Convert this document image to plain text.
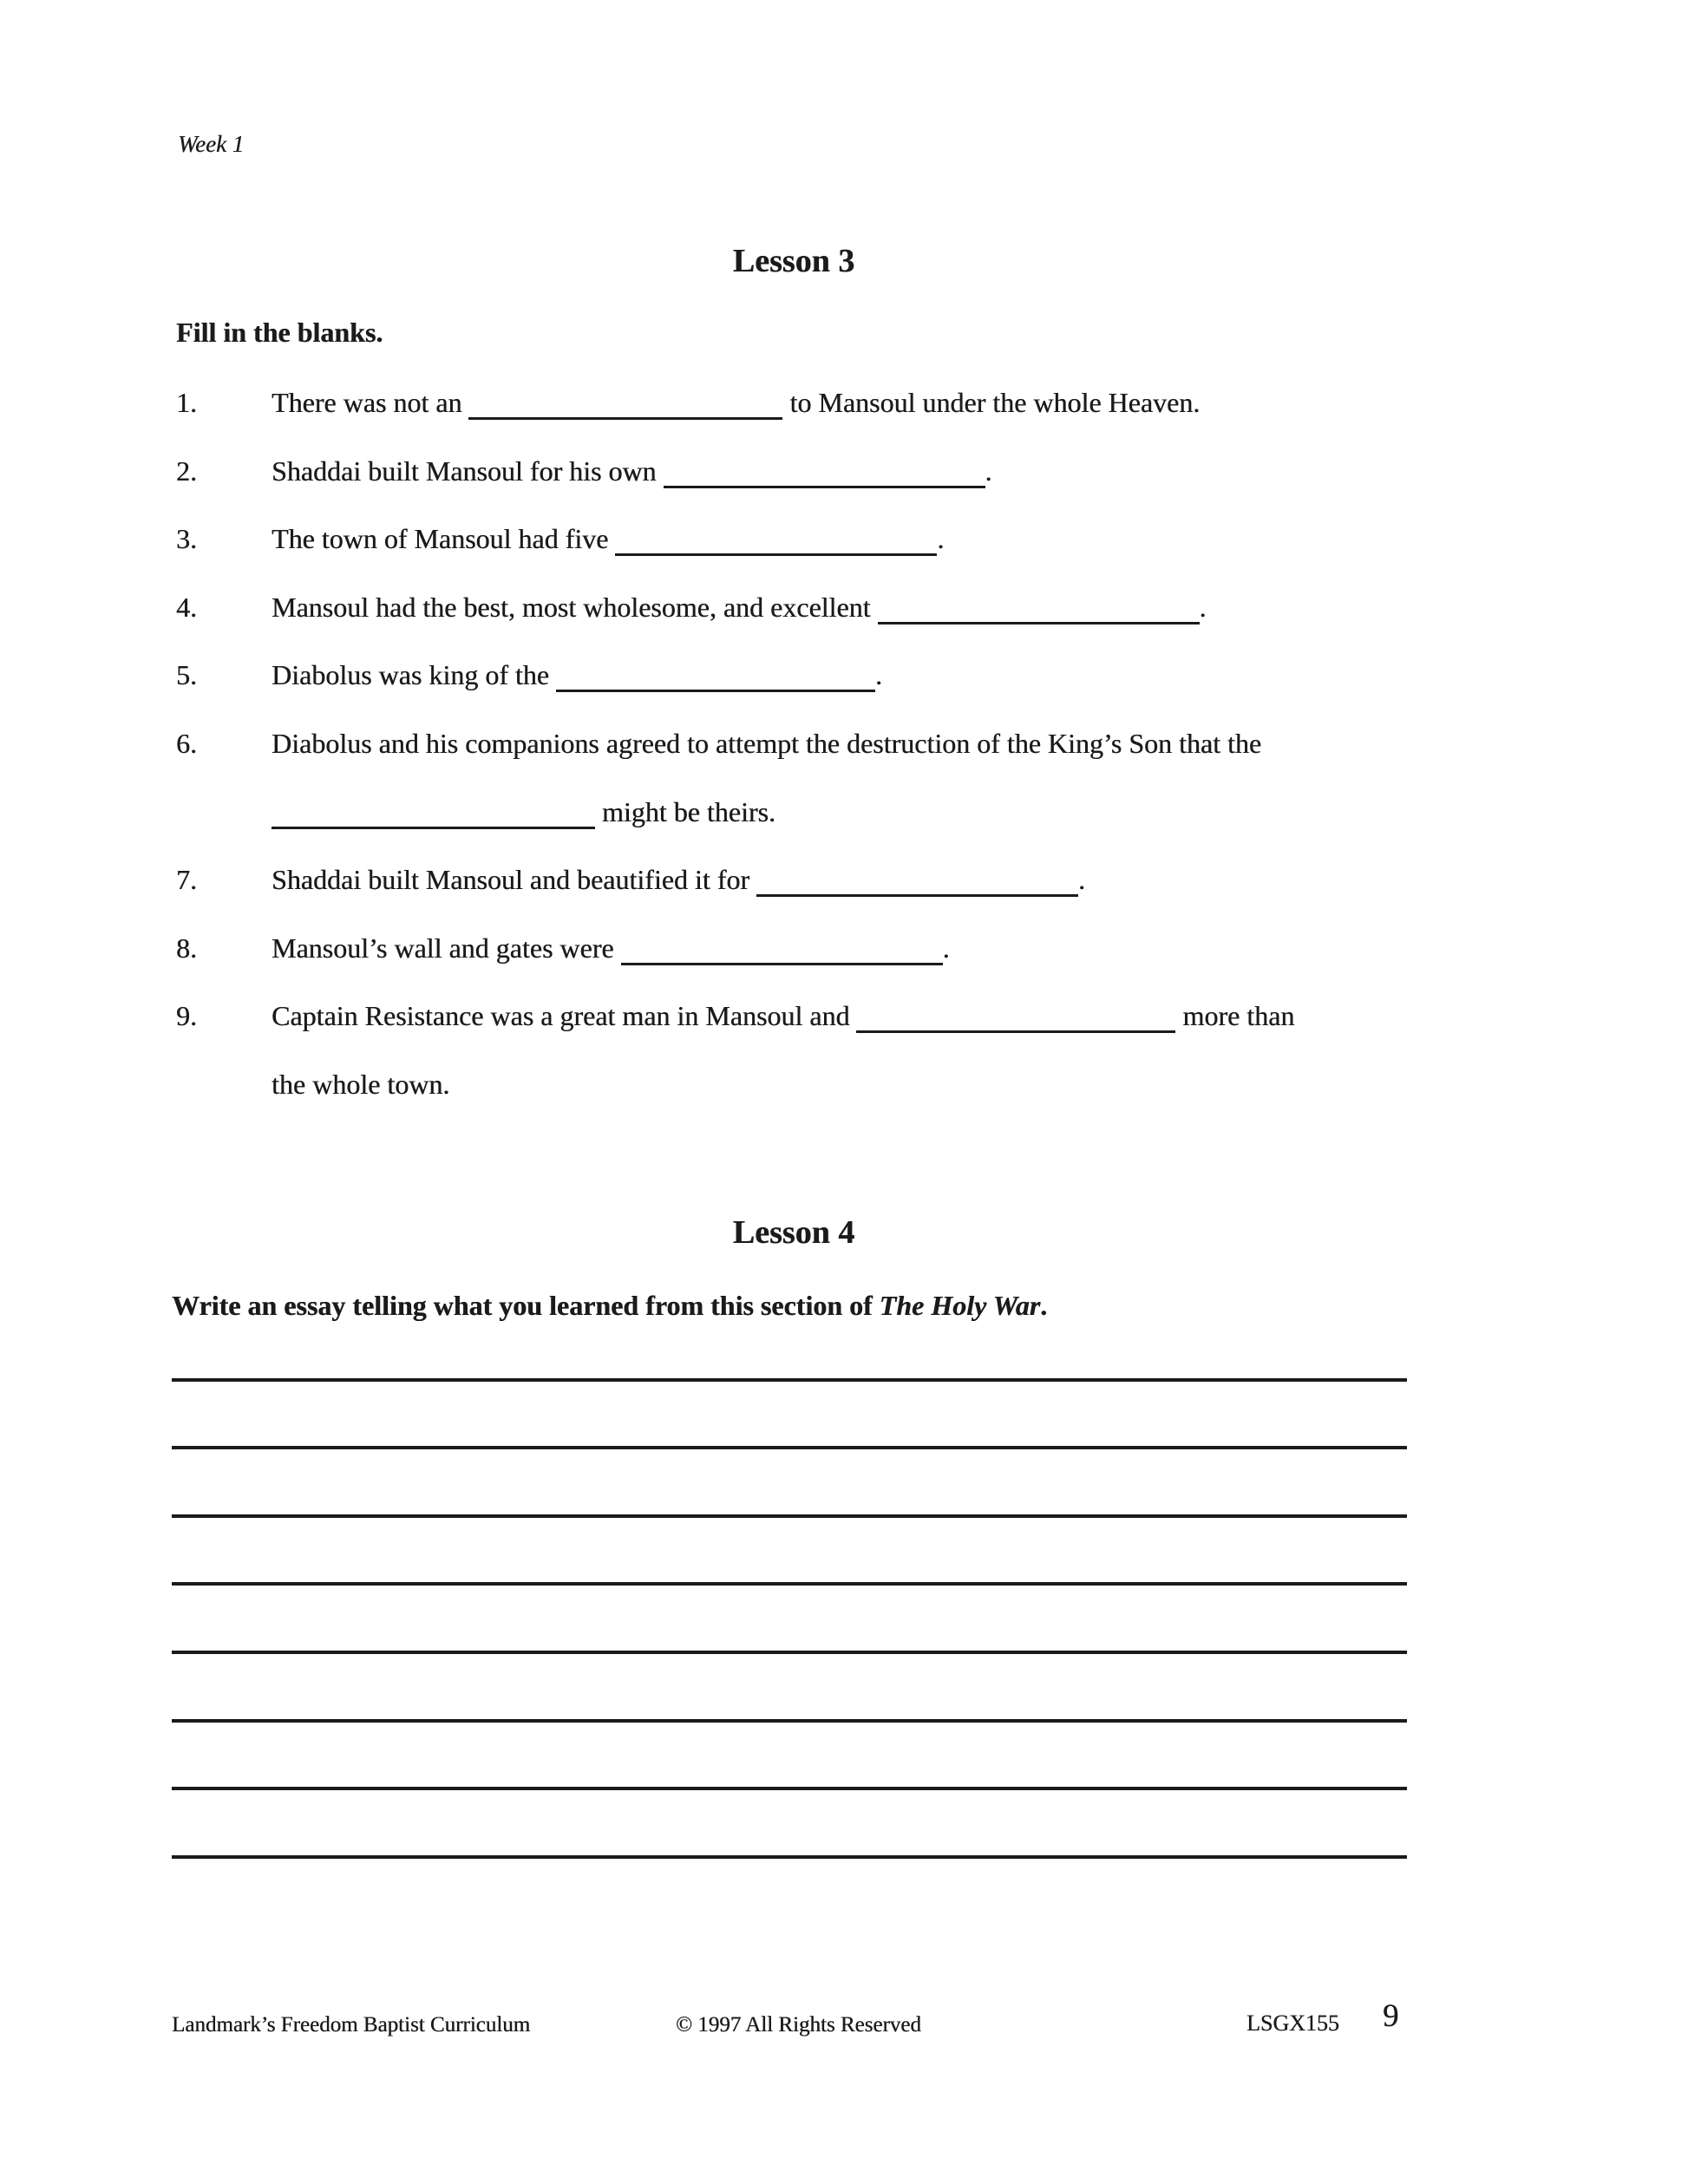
Week 1
Lesson 3
Fill in the blanks.
1.	There was not an	to Mansoul under the whole Heaven.
2.	Shaddai built Mansoul for his own	.
3.	The town of Mansoul had five	.
4.	Mansoul had the best, most wholesome, and excellent	.
5.	Diabolus was king of the	.
6.	Diabolus and his companions agreed to attempt the destruction of the King’s Son that the
might be theirs.
7.	Shaddai built Mansoul and beautified it for	.
8.	Mansoul’s wall and gates were	.
9.	Captain Resistance was a great man in Mansoul and	more than
the whole town.
Lesson 4
Write an essay telling what you learned from this section of The Holy War.
Landmark’s Freedom Baptist Curriculum	© 1997 All Rights Reserved	LSGX155 9
